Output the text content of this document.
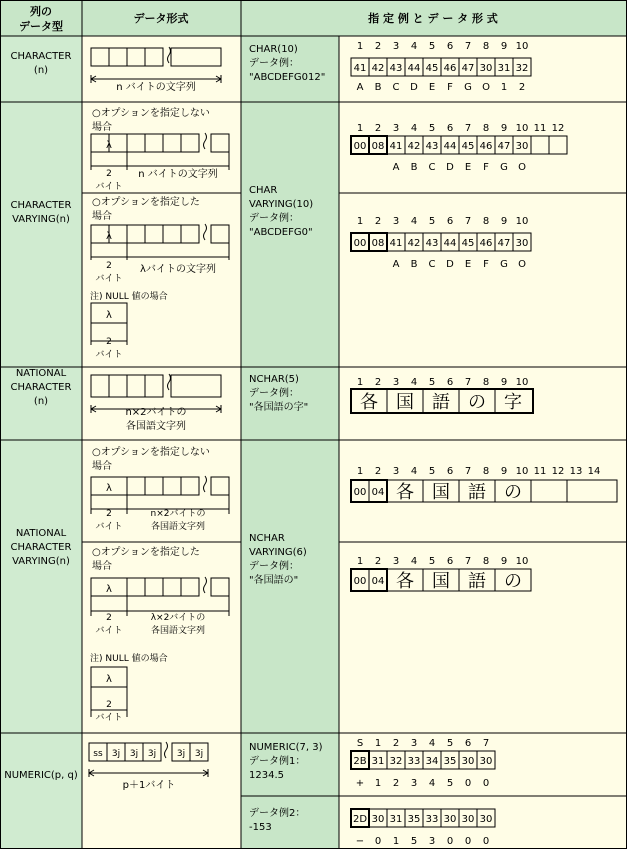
列の
データ型
データ形式	指 定 例 と デ ー タ 形 式
CHARACTER
(n)
CHARACTER
VARYING(n)
NATIONAL
CHARACTER
(n)
NATIONAL
CHARACTER
VARYING(n)
NUMERIC(p, q)
CHAR(10)
データ例：
"ABCDEFG012"
CHAR
VARYING(10)
データ例：
"ABCDEFG0"
NCHAR(5)
データ例：
"各国語の字"
NCHAR
VARYING(6)
データ例：
"各国語の"
NUMERIC(7, 3)
データ例1：
1234.5
データ例2：
-153
n バイトの文字列
○オプションを指定しない
場合
λ
2
バイト
n バイトの文字列
○オプションを指定した
場合
λ
2
バイト
λバイトの文字列
注) NULL 値の場合
λ
2
バイト
n×2バイトの
各国語文字列
○オプションを指定しない
場合
λ
2
バイト
n×2バイトの
各国語文字列
○オプションを指定した
場合
λ
2
バイト
λ×2バイトの
各国語文字列
注) NULL 値の場合
λ
2
バイト
ss 3j 3j 3j 3j 3j
p＋1バイト
1 2 3 4 5 6 7 8 9 10
41 42 43 44 45 46 47 30 31 32
A B C D E F G O 1 2
1 2 3 4 5 6 7 8 9 10 11 12
00 08 41 42 43 44 45 46 47 30
A B C D E F G O
1 2 3 4 5 6 7 8 9 10
00 08 41 42 43 44 45 46 47 30
A B C D E F G O
1 2 3 4 5 6 7 8 9 10
各 国 語 の 字
1 2 3 4 5 6 7 8 9 10 11 12 13 14
00 04 各 国 語 の
1 2 3 4 5 6 7 8 9 10
00 04 各 国 語 の
S 1 2 3 4 5 6 7
2B 31 32 33 34 35 30 30
+ 1 2 3 4 5 0 0
2D 30 31 35 33 30 30 30
− 0 1 5 3 0 0 0
